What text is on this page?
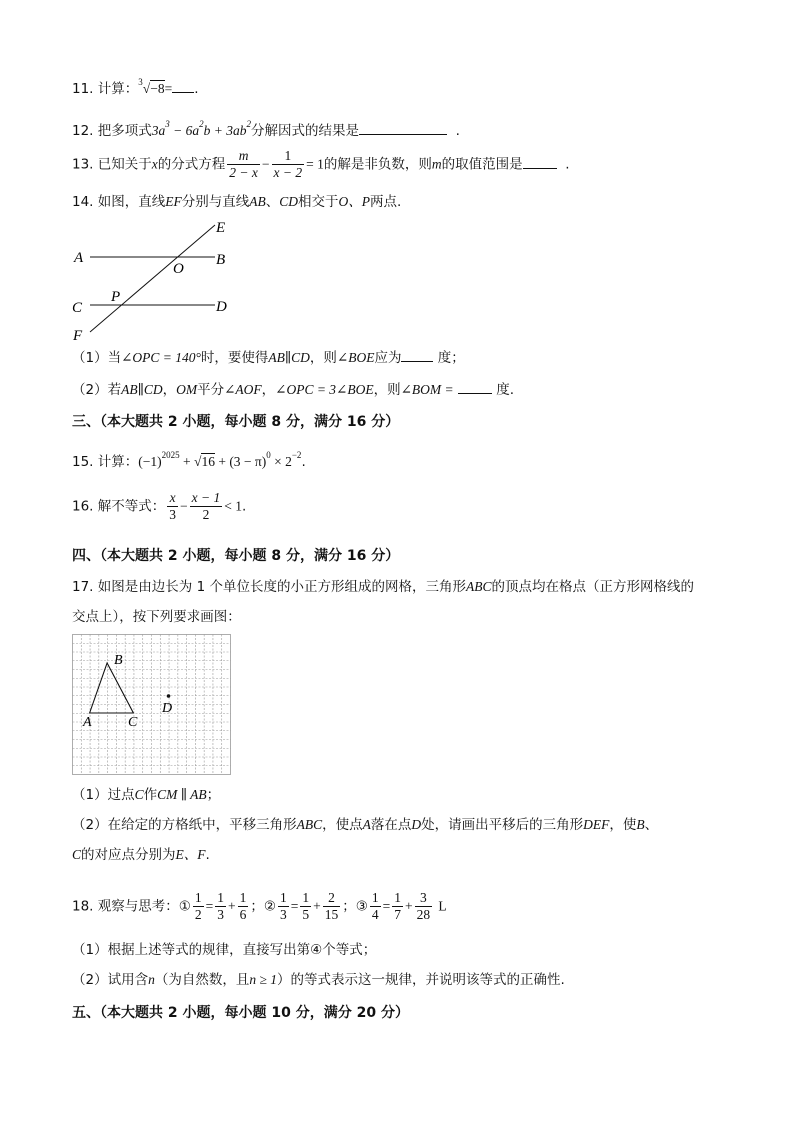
11. 计算：$^3$√−8= .
12. 把多项式$3a^3 - 6a^2b + 3ab^2$分解因式的结果是	.
13. 已知关于x的分式方程 $\frac{m}{2 - x} - \frac{1}{x - 2} = 1$的解是非负数，则m的取值范围是	.
14. 如图，直线EF分别与直线AB、CD相交于O、P两点.
A	B
C	D
E
F
O
P
（1）当∠OPC = 140°时，要使得AB∥CD，则∠BOE应为	度；
（2）若AB∥CD，OM平分∠AOF，∠OPC = 3∠BOE，则∠BOM =	度.
三、（本大题共 2 小题，每小题 8 分，满分 16 分）
15. 计算：$(-1)^{2025} + √16 + (3 - \pi)^0 \times 2^{-2}$.
16. 解不等式： $\frac{x}{3} - \frac{x - 1}{2} < 1$.
四、（本大题共 2 小题，每小题 8 分，满分 16 分）
17. 如图是由边长为 1 个单位长度的小正方形组成的网格，三角形ABC的顶点均在格点（正方形网格线的
交点上），按下列要求画图：
A
B
C
D
（1）过点C作CM ∥ AB；
（2）在给定的方格纸中，平移三角形ABC，使点A落在点D处，请画出平移后的三角形DEF，使B、
C的对应点分别为E、F.
18. 观察与思考：① $\frac{1}{2} = \frac{1}{3} + \frac{1}{6}$ ；② $\frac{1}{3} = \frac{1}{5} + \frac{2}{15}$ ；③ $\frac{1}{4} = \frac{1}{7} + \frac{3}{28}$ L
（1）根据上述等式的规律，直接写出第④个等式；
（2）试用含n（为自然数，且n ≥ 1）的等式表示这一规律，并说明该等式的正确性.
五、（本大题共 2 小题，每小题 10 分，满分 20 分）
